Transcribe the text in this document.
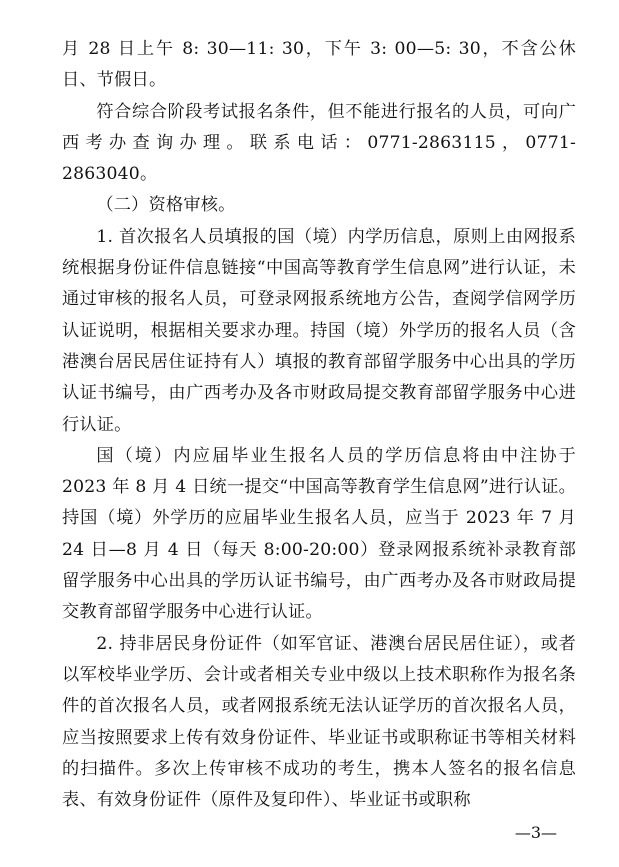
月 28 日上午 8: 30—11: 30，下午 3: 00—5: 30，不含公休日、节假日。

符合综合阶段考试报名条件，但不能进行报名的人员，可向广西考办查询办理。联系电话：0771-2863115，0771-2863040。

（二）资格审核。

1. 首次报名人员填报的国（境）内学历信息，原则上由网报系统根据身份证件信息链接“中国高等教育学生信息网”进行认证，未通过审核的报名人员，可登录网报系统地方公告，查阅学信网学历认证说明，根据相关要求办理。持国（境）外学历的报名人员（含港澳台居民居住证持有人）填报的教育部留学服务中心出具的学历认证书编号，由广西考办及各市财政局提交教育部留学服务中心进行认证。

国（境）内应届毕业生报名人员的学历信息将由中注协于 2023 年 8 月 4 日统一提交“中国高等教育学生信息网”进行认证。持国（境）外学历的应届毕业生报名人员，应当于 2023 年 7 月 24 日—8 月 4 日（每天 8:00-20:00）登录网报系统补录教育部留学服务中心出具的学历认证书编号，由广西考办及各市财政局提交教育部留学服务中心进行认证。

2. 持非居民身份证件（如军官证、港澳台居民居住证），或者以军校毕业学历、会计或者相关专业中级以上技术职称作为报名条件的首次报名人员，或者网报系统无法认证学历的首次报名人员，应当按照要求上传有效身份证件、毕业证书或职称证书等相关材料的扫描件。多次上传审核不成功的考生，携本人签名的报名信息表、有效身份证件（原件及复印件）、毕业证书或职称

—3—
